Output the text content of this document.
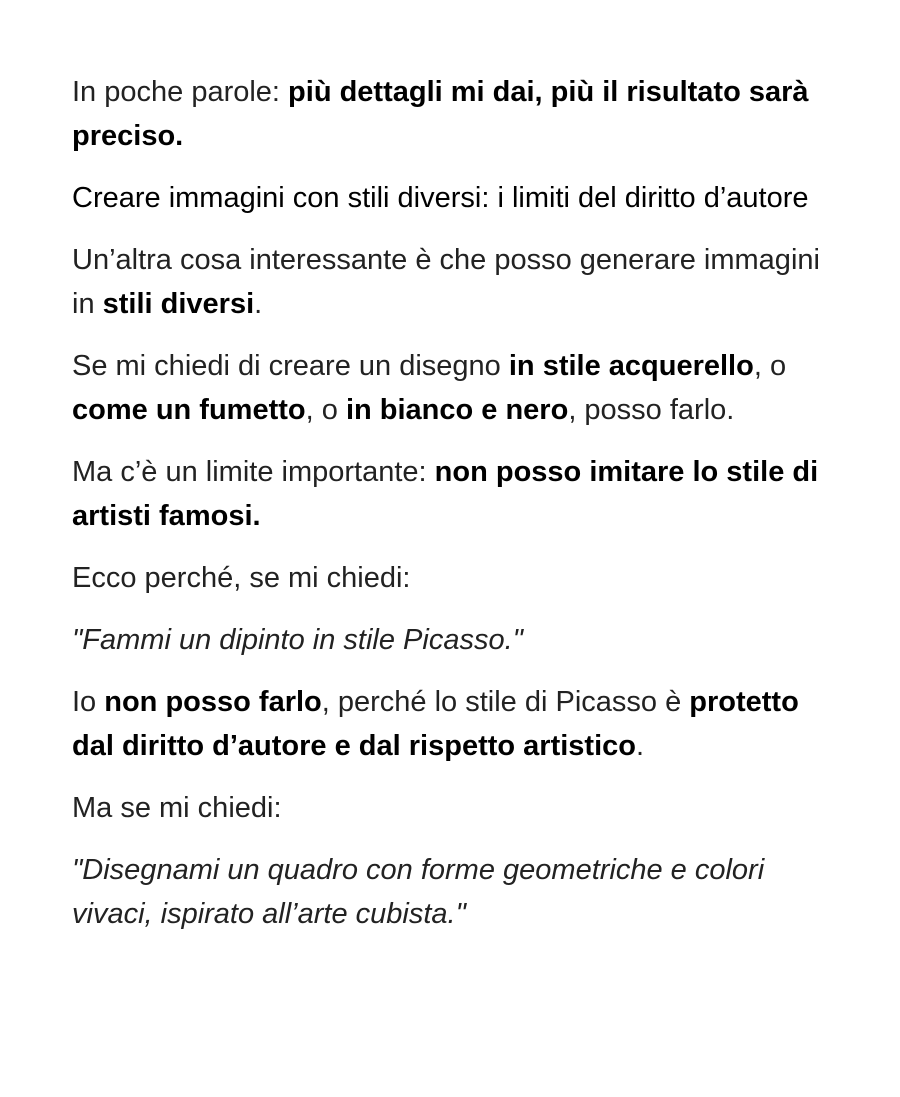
In poche parole: più dettagli mi dai, più il risultato sarà preciso.

Creare immagini con stili diversi: i limiti del diritto d’autore

Un’altra cosa interessante è che posso generare immagini in stili diversi.

Se mi chiedi di creare un disegno in stile acquerello, o come un fumetto, o in bianco e nero, posso farlo.

Ma c’è un limite importante: non posso imitare lo stile di artisti famosi.

Ecco perché, se mi chiedi:

"Fammi un dipinto in stile Picasso."

Io non posso farlo, perché lo stile di Picasso è protetto dal diritto d’autore e dal rispetto artistico.

Ma se mi chiedi:

"Disegnami un quadro con forme geometriche e colori vivaci, ispirato all’arte cubista."
